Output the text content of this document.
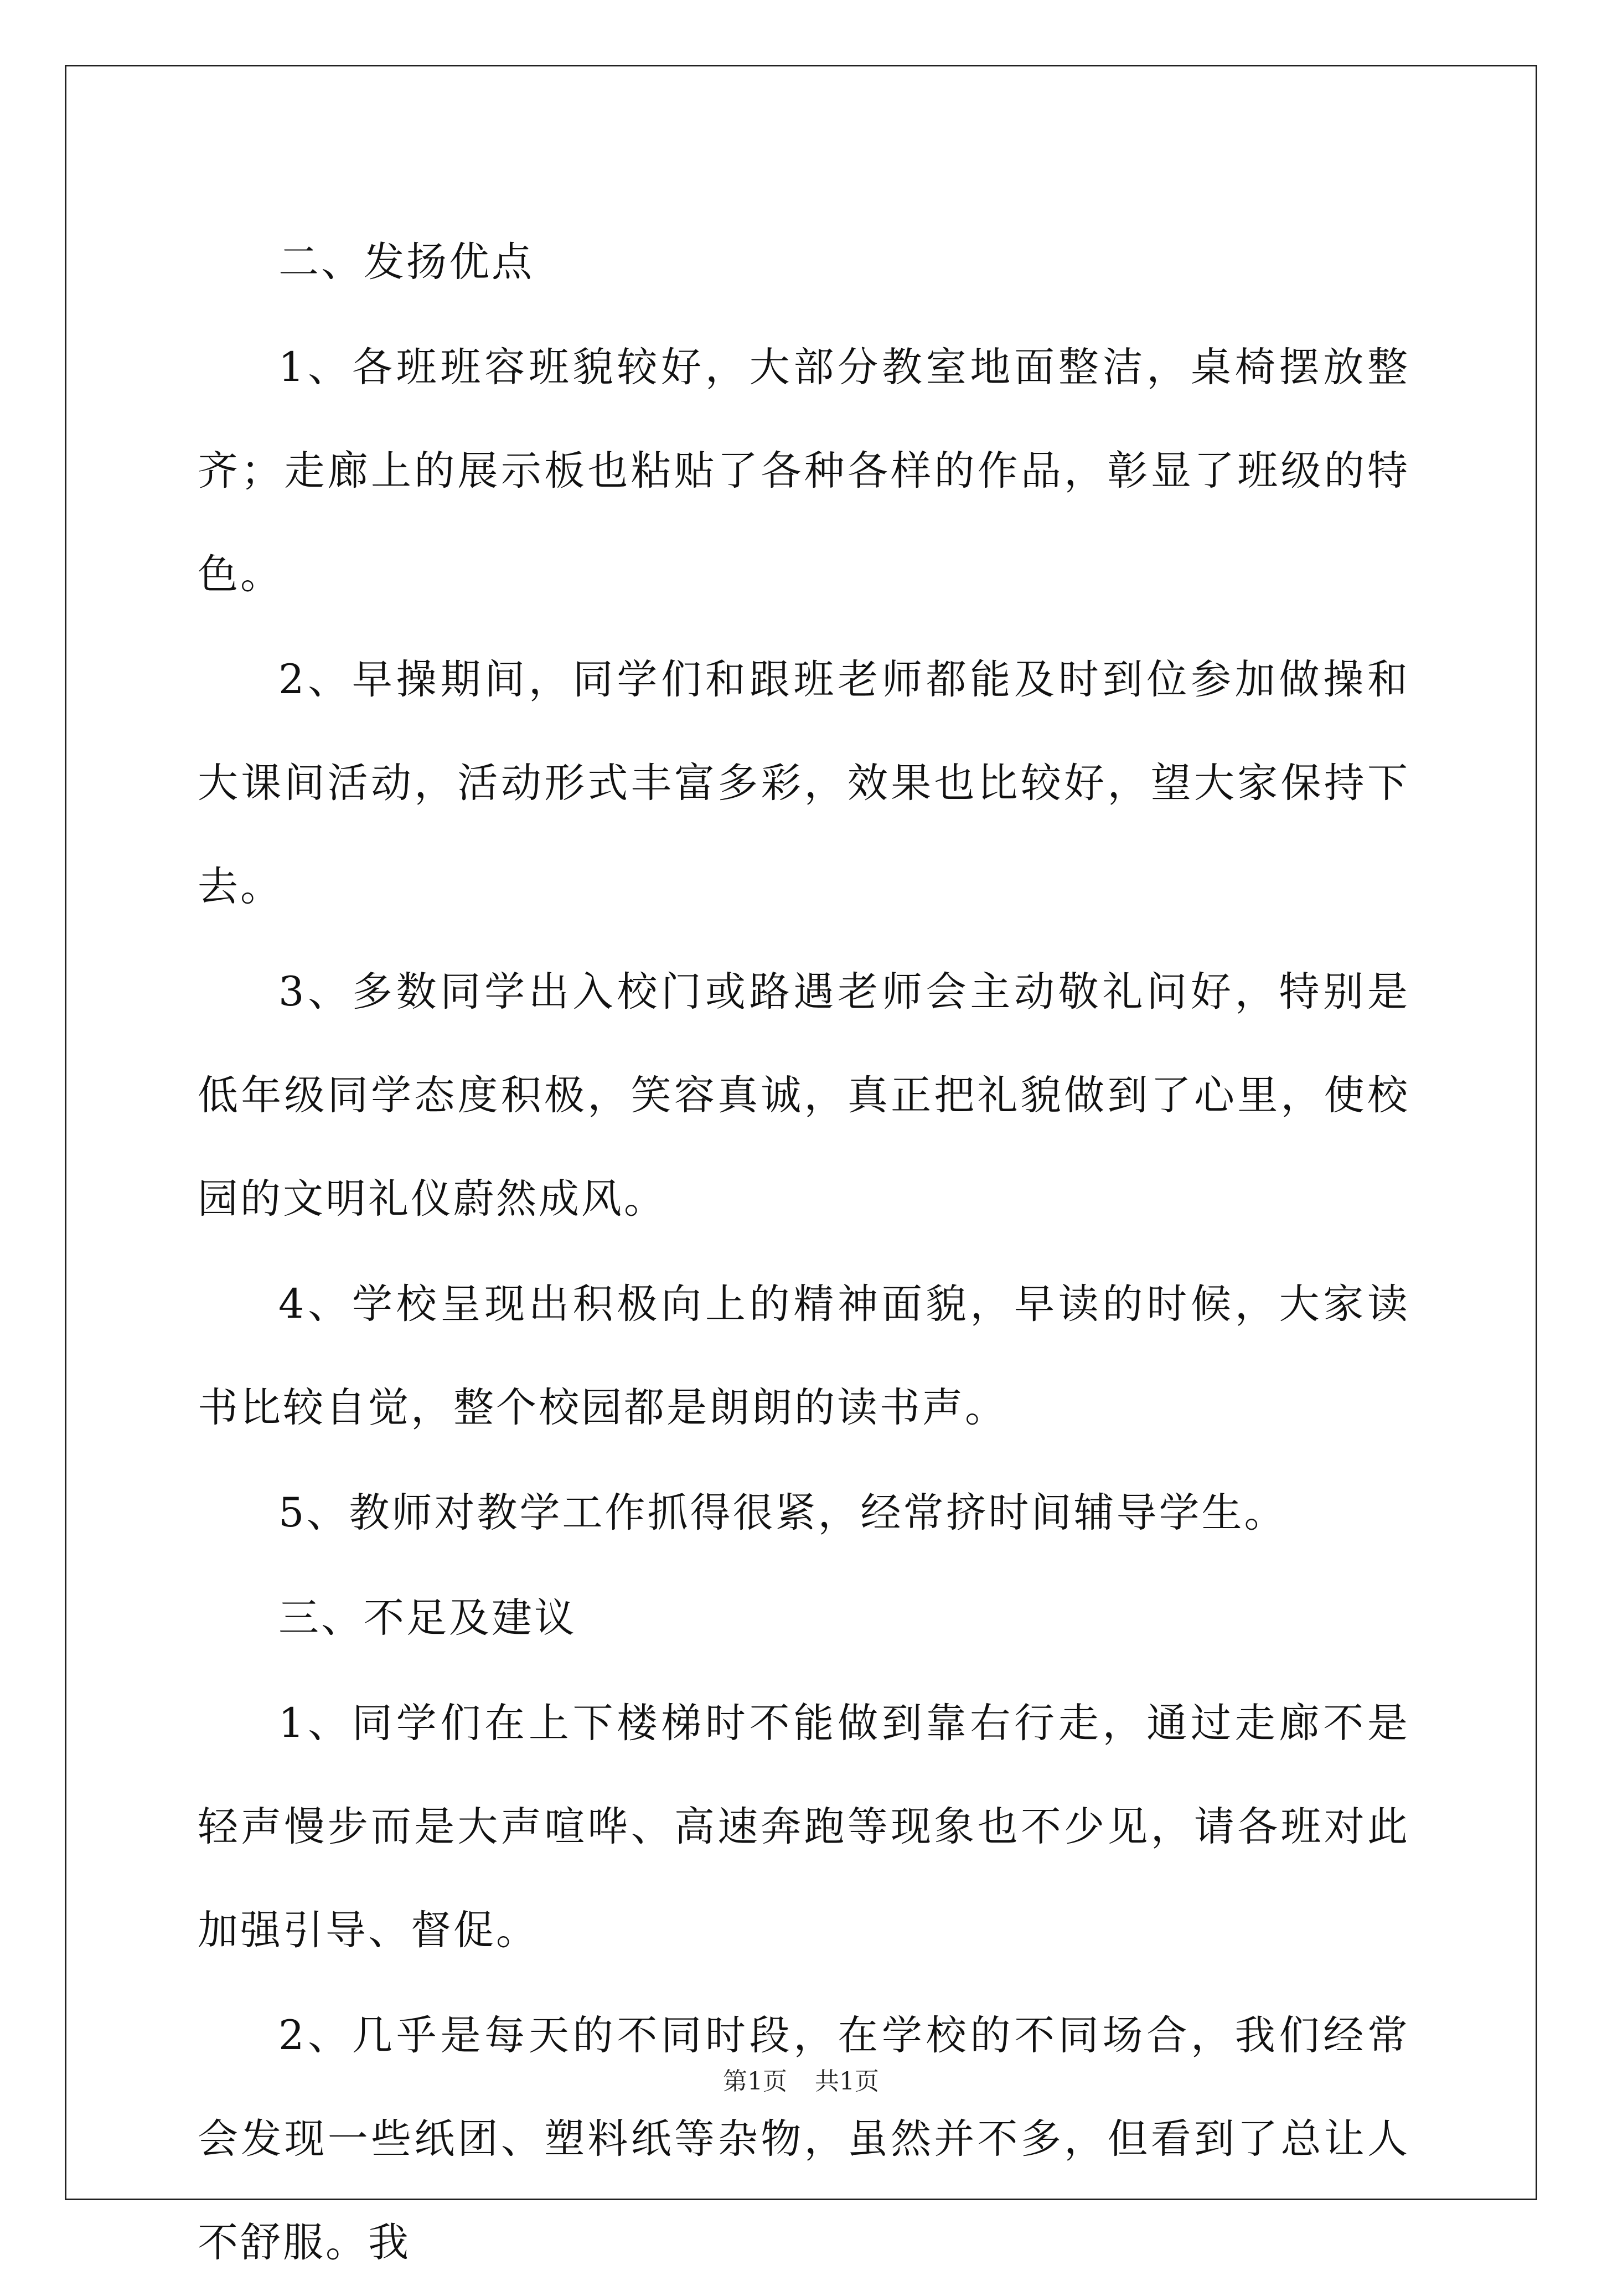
二、发扬优点

1、各班班容班貌较好，大部分教室地面整洁，桌椅摆放整齐；走廊上的展示板也粘贴了各种各样的作品，彰显了班级的特色。

2、早操期间，同学们和跟班老师都能及时到位参加做操和大课间活动，活动形式丰富多彩，效果也比较好，望大家保持下去。

3、多数同学出入校门或路遇老师会主动敬礼问好，特别是低年级同学态度积极，笑容真诚，真正把礼貌做到了心里，使校园的文明礼仪蔚然成风。

4、学校呈现出积极向上的精神面貌，早读的时候，大家读书比较自觉，整个校园都是朗朗的读书声。

5、教师对教学工作抓得很紧，经常挤时间辅导学生。

三、不足及建议

1、同学们在上下楼梯时不能做到靠右行走，通过走廊不是轻声慢步而是大声喧哗、高速奔跑等现象也不少见，请各班对此加强引导、督促。

2、几乎是每天的不同时段，在学校的不同场合，我们经常会发现一些纸团、塑料纸等杂物，虽然并不多，但看到了总让人不舒服。我

第1页 共1页
